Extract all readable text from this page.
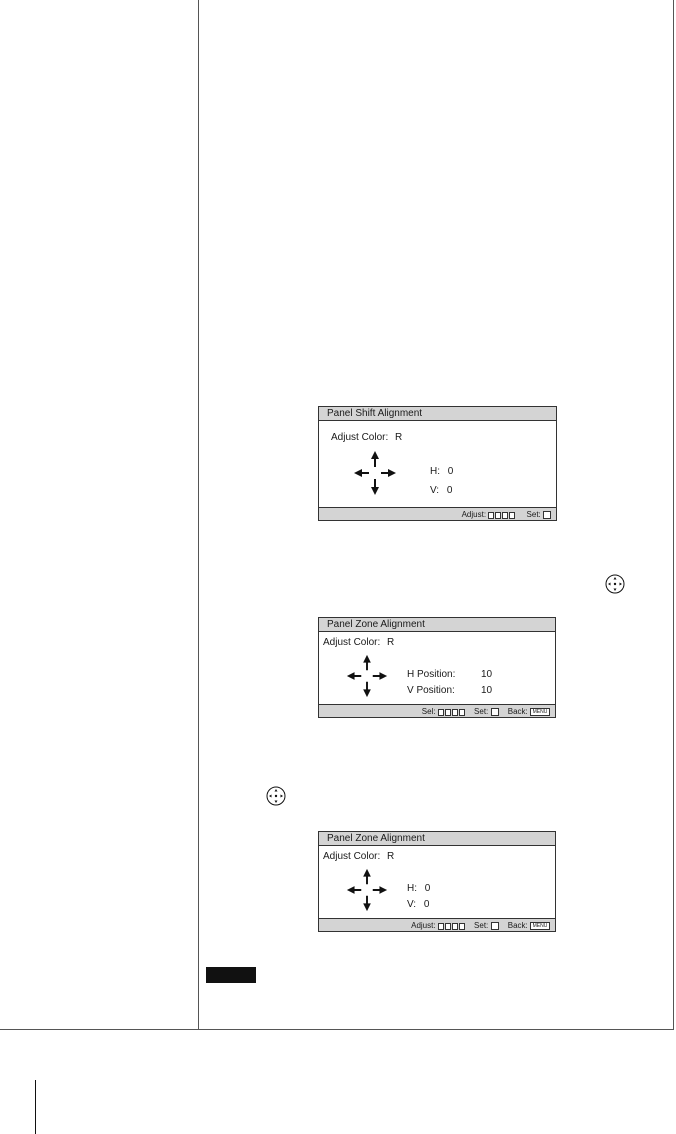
Panel Shift Alignment
Adjust Color: R
H: 0
V: 0
Adjust:	Set:
Panel Zone Alignment
Adjust Color: R
H Position:	10
V Position:	10
Sel:	Set: Back: MENU
Panel Zone Alignment
Adjust Color: R
H: 0
V: 0
Adjust:	Set: Back: MENU
